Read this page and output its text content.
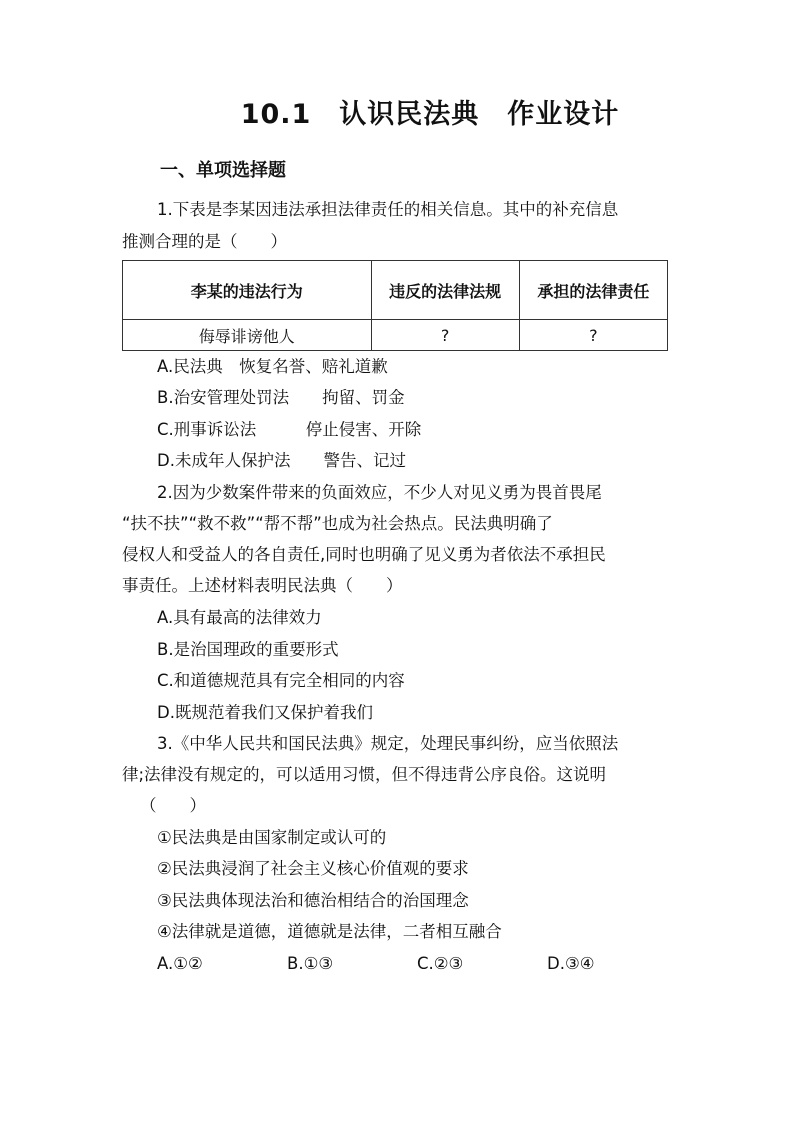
10.1　认识民法典　作业设计
一、单项选择题

1.下表是李某因违法承担法律责任的相关信息。其中的补充信息

推测合理的是（　　）

李某的违法行为	违反的法律法规	承担的法律责任
侮辱诽谤他人	?	?

A.民法典　恢复名誉、赔礼道歉

B.治安管理处罚法　　拘留、罚金

C.刑事诉讼法　　　停止侵害、开除

D.未成年人保护法　　警告、记过

2.因为少数案件带来的负面效应，不少人对见义勇为畏首畏尾

“扶不扶”“救不救”“帮不帮”也成为社会热点。民法典明确了

侵权人和受益人的各自责任,同时也明确了见义勇为者依法不承担民

事责任。上述材料表明民法典（　　）

A.具有最高的法律效力

B.是治国理政的重要形式

C.和道德规范具有完全相同的内容

D.既规范着我们又保护着我们

3.《中华人民共和国民法典》规定，处理民事纠纷，应当依照法

律;法律没有规定的，可以适用习惯，但不得违背公序良俗。这说明

（　　）

①民法典是由国家制定或认可的

②民法典浸润了社会主义核心价值观的要求

③民法典体现法治和德治相结合的治国理念

④法律就是道德，道德就是法律，二者相互融合

A.①②	B.①③	C.②③	D.③④
